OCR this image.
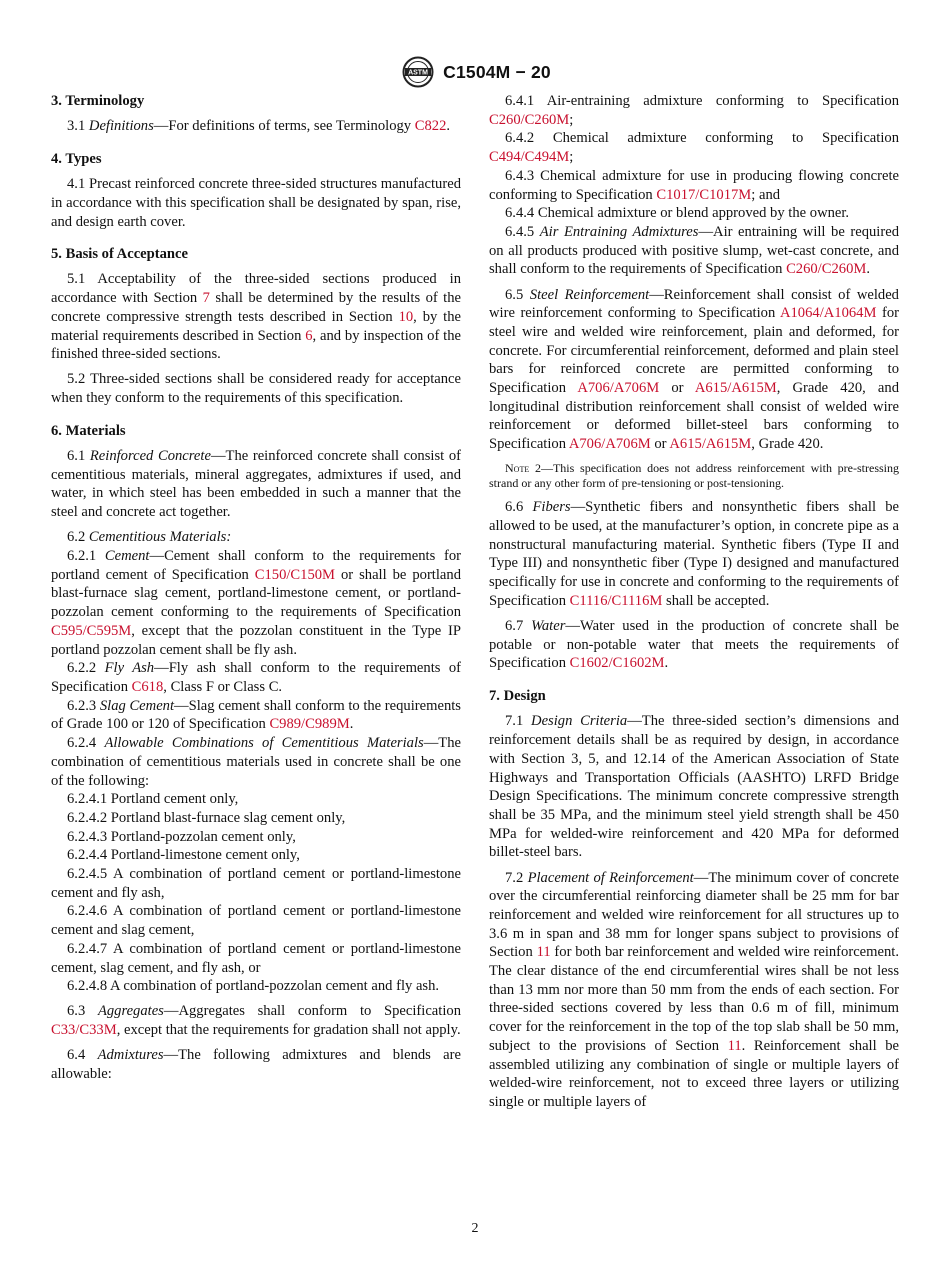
ASTM C1504M − 20
3. Terminology

3.1 Definitions—For definitions of terms, see Terminology C822.

4. Types

4.1 Precast reinforced concrete three-sided structures manufactured in accordance with this specification shall be designated by span, rise, and design earth cover.

5. Basis of Acceptance

5.1 Acceptability of the three-sided sections produced in accordance with Section 7 shall be determined by the results of the concrete compressive strength tests described in Section 10, by the material requirements described in Section 6, and by inspection of the finished three-sided sections.

5.2 Three-sided sections shall be considered ready for acceptance when they conform to the requirements of this specification.

6. Materials

6.1 Reinforced Concrete—The reinforced concrete shall consist of cementitious materials, mineral aggregates, admixtures if used, and water, in which steel has been embedded in such a manner that the steel and concrete act together.

6.2 Cementitious Materials:

6.2.1 Cement—Cement shall conform to the requirements for portland cement of Specification C150/C150M or shall be portland blast-furnace slag cement, portland-limestone cement, or portland-pozzolan cement conforming to the requirements of Specification C595/C595M, except that the pozzolan constituent in the Type IP portland pozzolan cement shall be fly ash.

6.2.2 Fly Ash—Fly ash shall conform to the requirements of Specification C618, Class F or Class C.

6.2.3 Slag Cement—Slag cement shall conform to the requirements of Grade 100 or 120 of Specification C989/C989M.

6.2.4 Allowable Combinations of Cementitious Materials—The combination of cementitious materials used in concrete shall be one of the following:

6.2.4.1 Portland cement only,

6.2.4.2 Portland blast-furnace slag cement only,

6.2.4.3 Portland-pozzolan cement only,

6.2.4.4 Portland-limestone cement only,

6.2.4.5 A combination of portland cement or portland-limestone cement and fly ash,

6.2.4.6 A combination of portland cement or portland-limestone cement and slag cement,

6.2.4.7 A combination of portland cement or portland-limestone cement, slag cement, and fly ash, or

6.2.4.8 A combination of portland-pozzolan cement and fly ash.

6.3 Aggregates—Aggregates shall conform to Specification C33/C33M, except that the requirements for gradation shall not apply.

6.4 Admixtures—The following admixtures and blends are allowable:

6.4.1 Air-entraining admixture conforming to Specification C260/C260M;

6.4.2 Chemical admixture conforming to Specification C494/C494M;

6.4.3 Chemical admixture for use in producing flowing concrete conforming to Specification C1017/C1017M; and

6.4.4 Chemical admixture or blend approved by the owner.

6.4.5 Air Entraining Admixtures—Air entraining will be required on all products produced with positive slump, wet-cast concrete, and shall conform to the requirements of Specification C260/C260M.

6.5 Steel Reinforcement—Reinforcement shall consist of welded wire reinforcement conforming to Specification A1064/A1064M for steel wire and welded wire reinforcement, plain and deformed, for concrete. For circumferential reinforcement, deformed and plain steel bars for reinforced concrete are permitted conforming to Specification A706/A706M or A615/A615M, Grade 420, and longitudinal distribution reinforcement shall consist of welded wire reinforcement or deformed billet-steel bars conforming to Specification A706/A706M or A615/A615M, Grade 420.

Note 2—This specification does not address reinforcement with pre-stressing strand or any other form of pre-tensioning or post-tensioning.

6.6 Fibers—Synthetic fibers and nonsynthetic fibers shall be allowed to be used, at the manufacturer’s option, in concrete pipe as a nonstructural manufacturing material. Synthetic fibers (Type II and Type III) and nonsynthetic fiber (Type I) designed and manufactured specifically for use in concrete and conforming to the requirements of Specification C1116/C1116M shall be accepted.

6.7 Water—Water used in the production of concrete shall be potable or non-potable water that meets the requirements of Specification C1602/C1602M.

7. Design

7.1 Design Criteria—The three-sided section’s dimensions and reinforcement details shall be as required by design, in accordance with Section 3, 5, and 12.14 of the American Association of State Highways and Transportation Officials (AASHTO) LRFD Bridge Design Specifications. The minimum concrete compressive strength shall be 35 MPa, and the minimum steel yield strength shall be 450 MPa for welded-wire reinforcement and 420 MPa for deformed billet-steel bars.

7.2 Placement of Reinforcement—The minimum cover of concrete over the circumferential reinforcing diameter shall be 25 mm for bar reinforcement and welded wire reinforcement for all structures up to 3.6 m in span and 38 mm for longer spans subject to provisions of Section 11 for both bar reinforcement and welded wire reinforcement. The clear distance of the end circumferential wires shall be not less than 13 mm nor more than 50 mm from the ends of each section. For three-sided sections covered by less than 0.6 m of fill, minimum cover for the reinforcement in the top of the top slab shall be 50 mm, subject to the provisions of Section 11. Reinforcement shall be assembled utilizing any combination of single or multiple layers of welded-wire reinforcement, not to exceed three layers or utilizing single or multiple layers of

2
